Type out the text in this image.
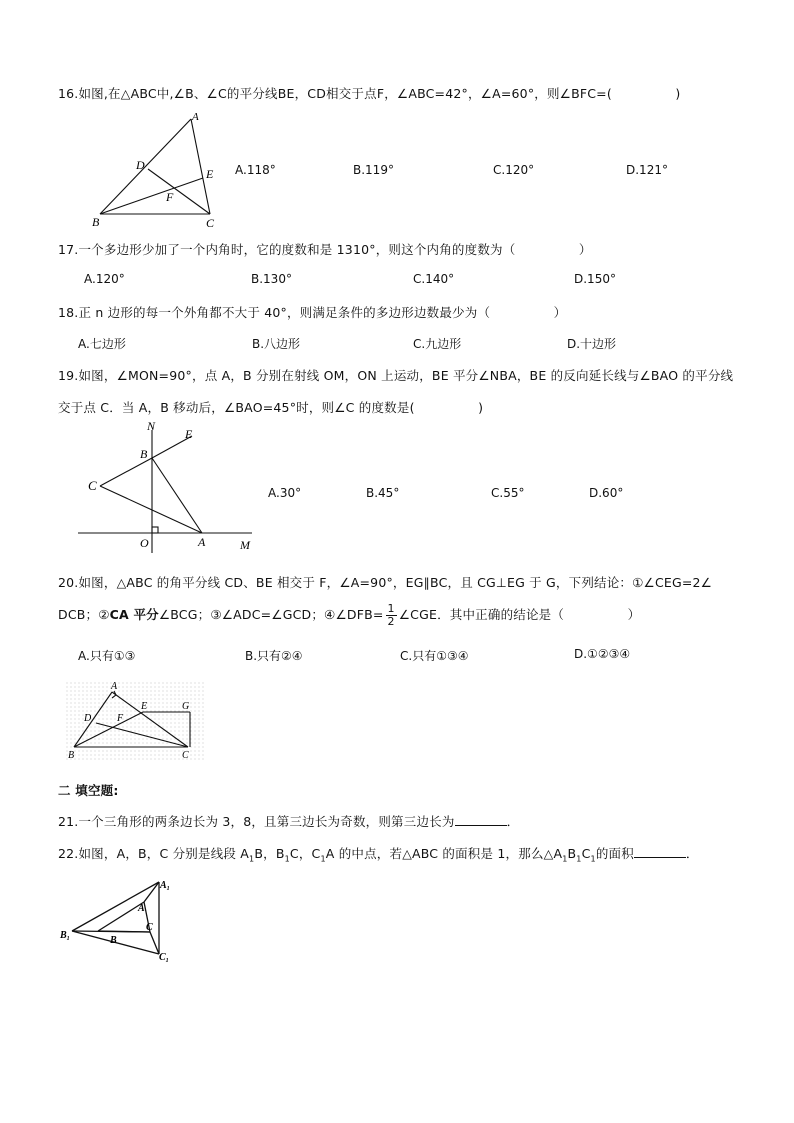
16.如图,在△ABC中,∠B、∠C的平分线BE，CD相交于点F，∠ABC=42°，∠A=60°，则∠BFC=(　　　　　)
A
B	C
D
E
F
A.118°	B.119°	C.120°	D.121°
17.一个多边形少加了一个内角时，它的度数和是 1310°，则这个内角的度数为（　　　　　）
A.120°	B.130°	C.140°	D.150°
18.正 n 边形的每一个外角都不大于 40°，则满足条件的多边形边数最少为（　　　　　）
A.七边形	B.八边形	C.九边形	D.十边形
19.如图，∠MON=90°，点 A，B 分别在射线 OM，ON 上运动，BE 平分∠NBA，BE 的反向延长线与∠BAO 的平分线
交于点 C．当 A，B 移动后，∠BAO=45°时，则∠C 的度数是(　　　　　)
N
E
B
C
O	A	M
A.30°	B.45°	C.55°	D.60°
20.如图，△ABC 的角平分线 CD、BE 相交于 F，∠A=90°，EG∥BC，且 CG⊥EG 于 G，下列结论：①∠CEG=2∠
DCB；②CA 平分∠BCG；③∠ADC=∠GCD；④∠DFB= $\frac{1}{2}$ ∠CGE．其中正确的结论是（　　　　　）
A.只有①③	B.只有②④	C.只有①③④	D.①②③④
A
D	F
E	G
B	C
二 填空题:
21.一个三角形的两条边长为 3，8，且第三边长为奇数，则第三边长为	．
22.如图，A，B，C 分别是线段 $A_1B$，$B_1C$，$C_1A$ 的中点，若△ABC 的面积是 1，那么$\triangle A_1B_1C_1$的面积	．
$A_1$
A
$B_1$	B
C
$C_1$
